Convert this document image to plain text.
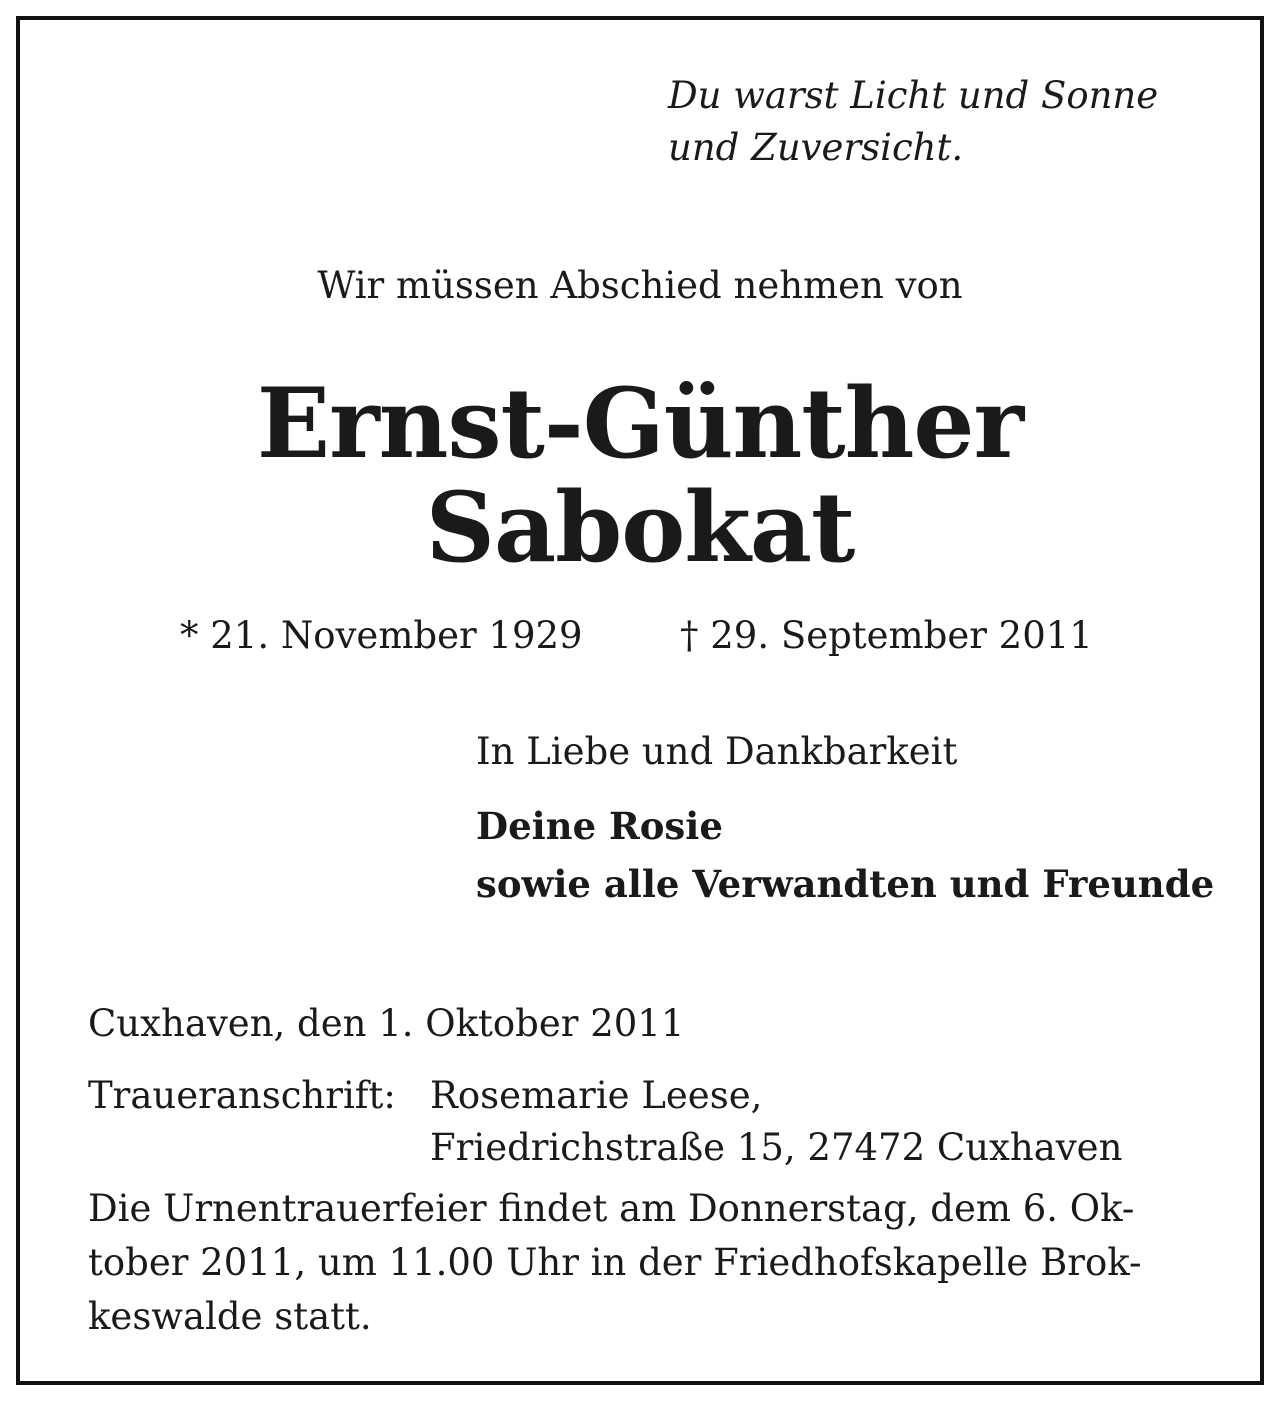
Du warst Licht und Sonne
und Zuversicht.
Wir müssen Abschied nehmen von
Ernst-Günther
Sabokat
* 21. November 1929	† 29. September 2011
In Liebe und Dankbarkeit
Deine Rosie
sowie alle Verwandten und Freunde
Cuxhaven, den 1. Oktober 2011
Traueranschrift: Rosemarie Leese,
Friedrichstraße 15, 27472 Cuxhaven
Die Urnentrauerfeier findet am Donnerstag, dem 6. Ok-
tober 2011, um 11.00 Uhr in der Friedhofskapelle Brok-
keswalde statt.
